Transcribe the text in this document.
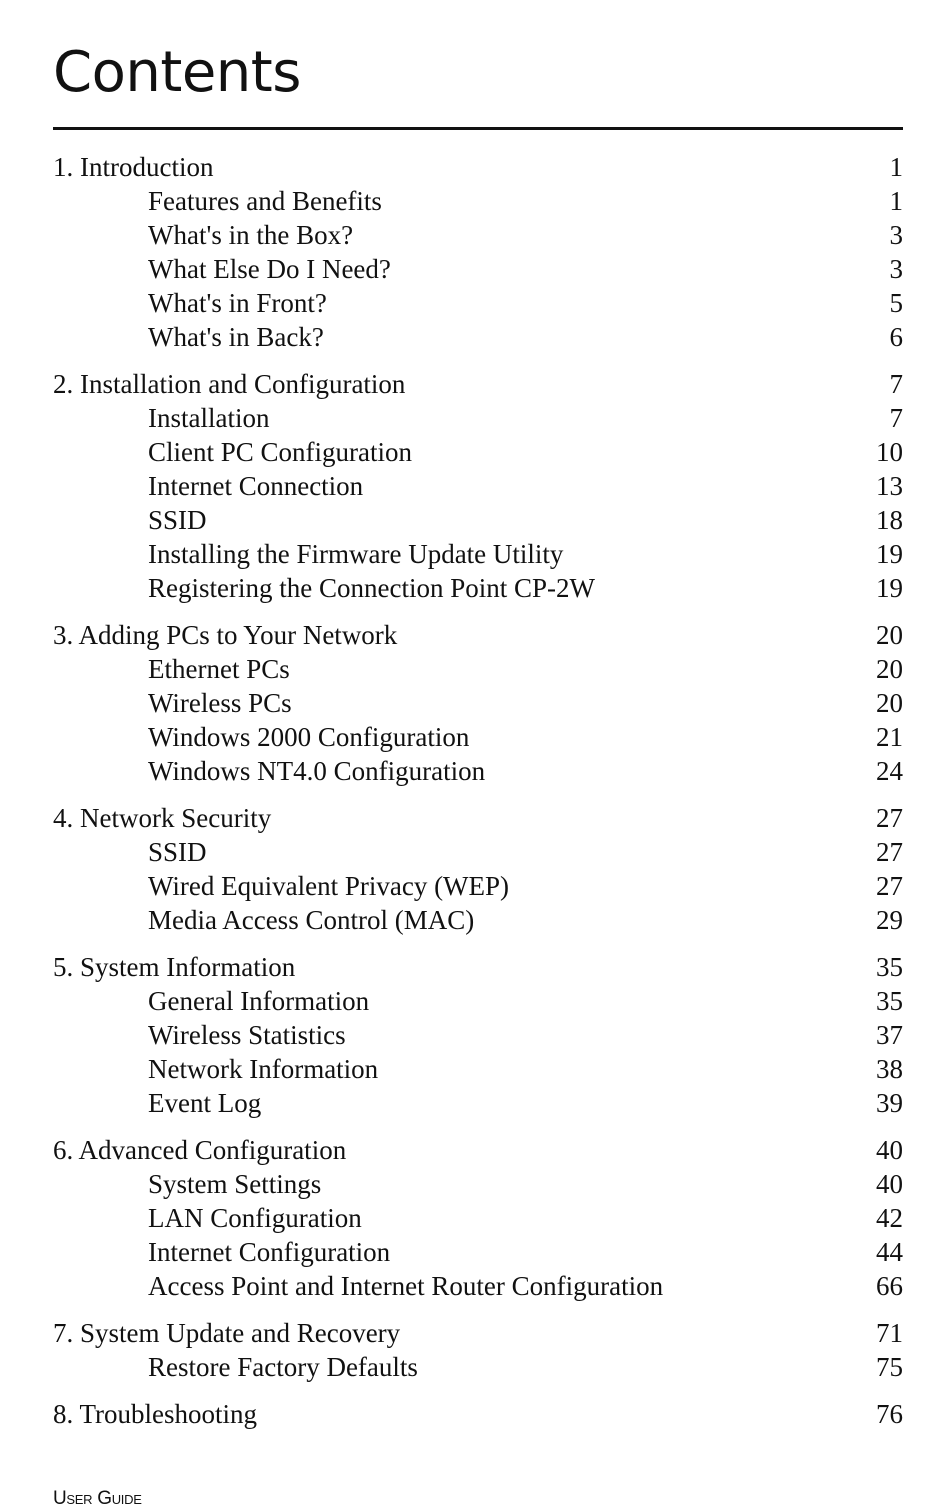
Contents
1. Introduction	1
Features and Benefits	1
What's in the Box?	3
What Else Do I Need?	3
What's in Front?	5
What's in Back?	6
2. Installation and Configuration	7
Installation	7
Client PC Configuration	10
Internet Connection	13
SSID	18
Installing the Firmware Update Utility	19
Registering the Connection Point CP-2W	19
3. Adding PCs to Your Network	20
Ethernet PCs	20
Wireless PCs	20
Windows 2000 Configuration	21
Windows NT4.0 Configuration	24
4. Network Security	27
SSID	27
Wired Equivalent Privacy (WEP)	27
Media Access Control (MAC)	29
5. System Information	35
General Information	35
Wireless Statistics	37
Network Information	38
Event Log	39
6. Advanced Configuration	40
System Settings	40
LAN Configuration	42
Internet Configuration	44
Access Point and Internet Router Configuration	66
7. System Update and Recovery	71
Restore Factory Defaults	75
8. Troubleshooting	76

User Guide
